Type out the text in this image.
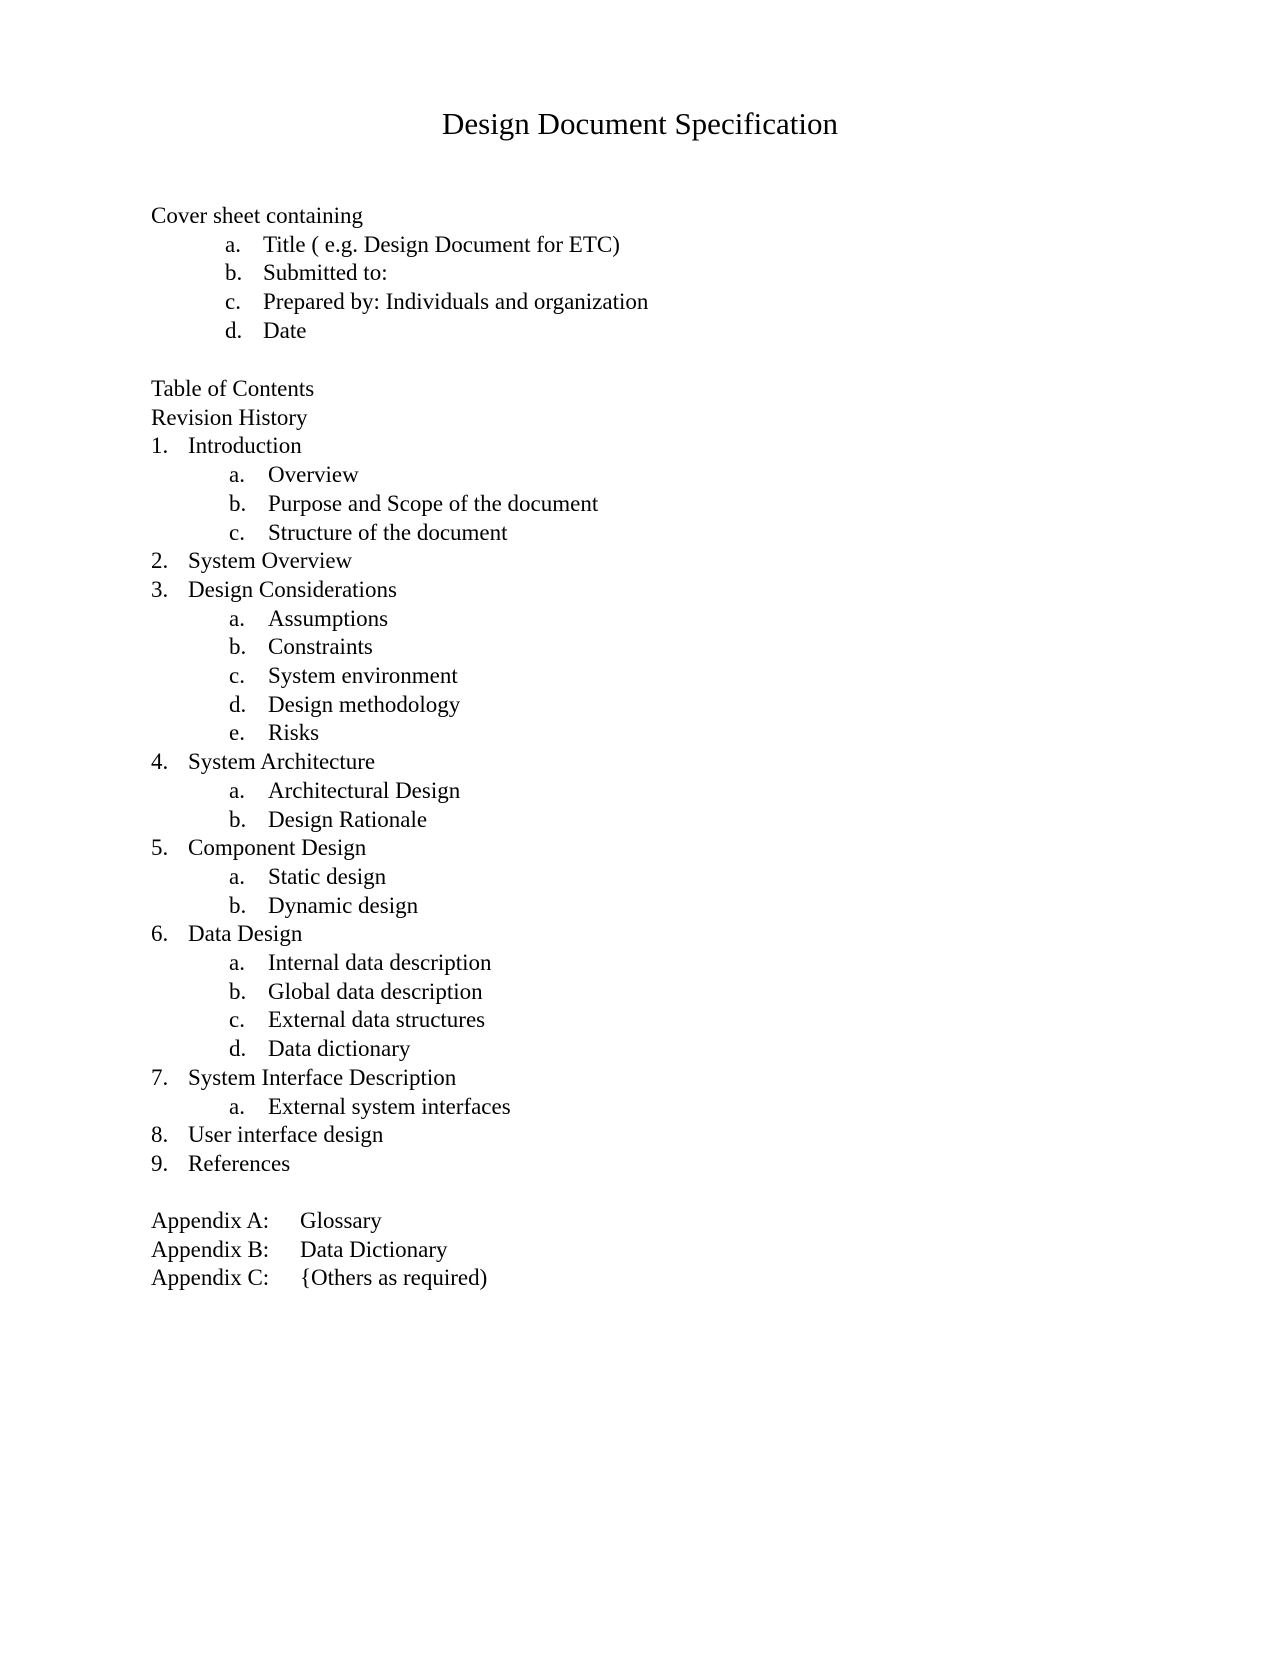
Design Document Specification
Cover sheet containing
a. Title ( e.g. Design Document for ETC)
b. Submitted to:
c. Prepared by: Individuals and organization
d. Date
Table of Contents
Revision History
1. Introduction
a. Overview
b. Purpose and Scope of the document
c. Structure of the document
2. System Overview
3. Design Considerations
a. Assumptions
b. Constraints
c. System environment
d. Design methodology
e. Risks
4. System Architecture
a. Architectural Design
b. Design Rationale
5. Component Design
a. Static design
b. Dynamic design
6. Data Design
a. Internal data description
b. Global data description
c. External data structures
d. Data dictionary
7. System Interface Description
a. External system interfaces
8. User interface design
9. References
Appendix A: Glossary
Appendix B: Data Dictionary
Appendix C: {Others as required)
